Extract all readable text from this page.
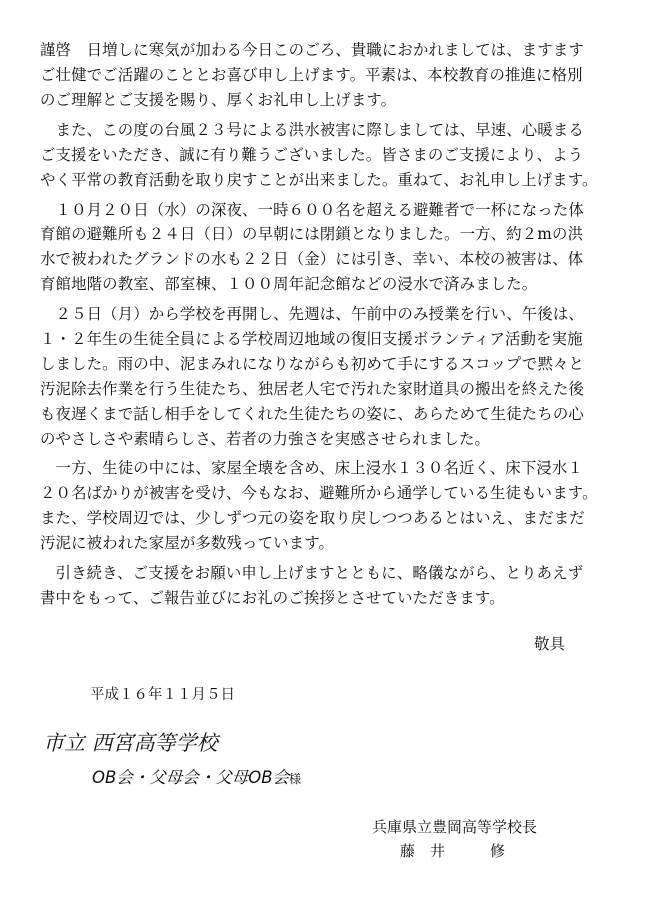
謹啓　日増しに寒気が加わる今日このごろ、貴職におかれましては、ますます
ご壮健でご活躍のこととお喜び申し上げます。平素は、本校教育の推進に格別
のご理解とご支援を賜り、厚くお礼申し上げます。
　また、この度の台風２３号による洪水被害に際しましては、早速、心暖まる
ご支援をいただき、誠に有り難うございました。皆さまのご支援により、よう
やく平常の教育活動を取り戻すことが出来ました。重ねて、お礼申し上げます。
　１０月２０日（水）の深夜、一時６００名を超える避難者で一杯になった体
育館の避難所も２４日（日）の早朝には閉鎖となりました。一方、約２mの洪
水で被われたグランドの水も２２日（金）には引き、幸い、本校の被害は、体
育館地階の教室、部室棟、１００周年記念館などの浸水で済みました。
　２５日（月）から学校を再開し、先週は、午前中のみ授業を行い、午後は、
１・２年生の生徒全員による学校周辺地域の復旧支援ボランティア活動を実施
しました。雨の中、泥まみれになりながらも初めて手にするスコップで黙々と
汚泥除去作業を行う生徒たち、独居老人宅で汚れた家財道具の搬出を終えた後
も夜遅くまで話し相手をしてくれた生徒たちの姿に、あらためて生徒たちの心
のやさしさや素晴らしさ、若者の力強さを実感させられました。
　一方、生徒の中には、家屋全壊を含め、床上浸水１３０名近く、床下浸水１
２０名ばかりが被害を受け、今もなお、避難所から通学している生徒もいます。
また、学校周辺では、少しずつ元の姿を取り戻しつつあるとはいえ、まだまだ
汚泥に被われた家屋が多数残っています。
　引き続き、ご支援をお願い申し上げますとともに、略儀ながら、とりあえず
書中をもって、ご報告並びにお礼のご挨拶とさせていただきます。
敬具
平成１６年１１月５日
市立 西宮高等学校
OB会・父母会・父母OB会様
兵庫県立豊岡高等学校長
藤　井　　　修
